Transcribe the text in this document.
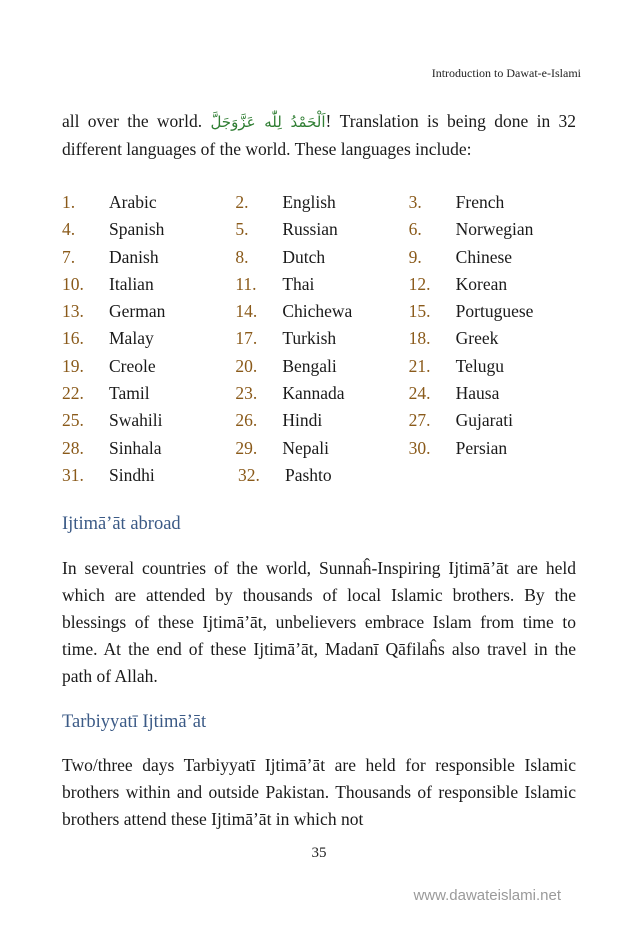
Introduction to Dawat-e-Islami

all over the world. اَلْحَمْدُ لِلّٰه عَزَّوَجَلَّ! Translation is being done in 32 different languages of the world. These languages include:

1.	Arabic	2.	English	3.	French
4.	Spanish	5.	Russian	6.	Norwegian
7.	Danish	8.	Dutch	9.	Chinese
10.	Italian	11.	Thai	12.	Korean
13.	German	14.	Chichewa	15.	Portuguese
16.	Malay	17.	Turkish	18.	Greek
19.	Creole	20.	Bengali	21.	Telugu
22.	Tamil	23.	Kannada	24.	Hausa
25.	Swahili	26.	Hindi	27.	Gujarati
28.	Sinhala	29.	Nepali	30.	Persian
31.	Sindhi	32.	Pashto
Ijtimā’āt abroad

In several countries of the world, Sunnaĥ-Inspiring Ijtimā’āt are held which are attended by thousands of local Islamic brothers. By the blessings of these Ijtimā’āt, unbelievers embrace Islam from time to time. At the end of these Ijtimā’āt, Madanī Qāfilaĥs also travel in the path of Allah.

Tarbiyyatī Ijtimā’āt

Two/three days Tarbiyyatī Ijtimā’āt are held for responsible Islamic brothers within and outside Pakistan. Thousands of responsible Islamic brothers attend these Ijtimā’āt in which not

35
www.dawateislami.net
